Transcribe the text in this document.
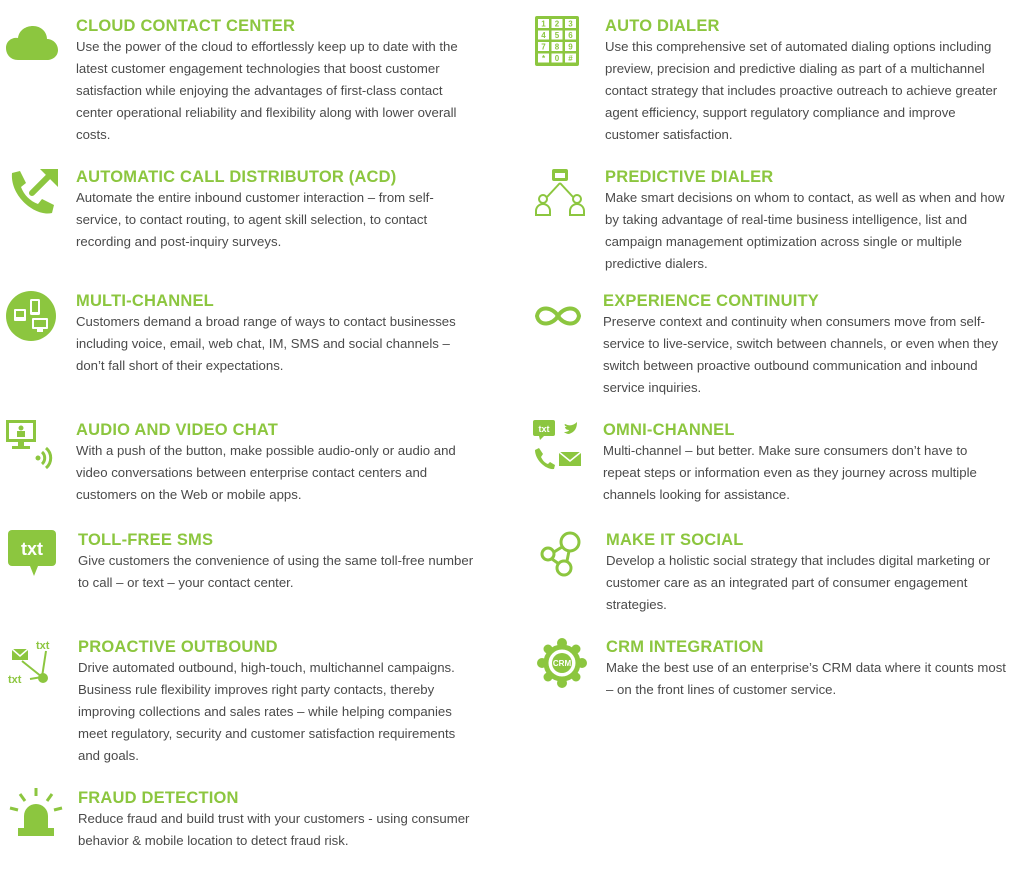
CLOUD CONTACT CENTER

Use the power of the cloud to effortlessly keep up to date with the latest customer engagement technologies that boost customer satisfaction while enjoying the advantages of first-class contact center operational reliability and flexibility along with lower overall costs.

AUTOMATIC CALL DISTRIBUTOR (ACD)

Automate the entire inbound customer interaction – from self-service, to contact routing, to agent skill selection, to contact recording and post-inquiry surveys.

MULTI-CHANNEL

Customers demand a broad range of ways to contact businesses including voice, email, web chat, IM, SMS and social channels – don’t fall short of their expectations.

AUDIO AND VIDEO CHAT

With a push of the button, make possible audio-only or audio and video conversations between enterprise contact centers and customers on the Web or mobile apps.

txt TOLL-FREE SMS

Give customers the convenience of using the same toll-free number to call – or text – your contact center.

txt
txt
PROACTIVE OUTBOUND

Drive automated outbound, high-touch, multichannel campaigns. Business rule flexibility improves right party contacts, thereby improving collections and sales rates – while helping companies meet regulatory, security and customer satisfaction requirements and goals.

FRAUD DETECTION

Reduce fraud and build trust with your customers - using consumer behavior & mobile location to detect fraud risk.

1 2 3
4 5 6
7 8 9
* 0 #
AUTO DIALER

Use this comprehensive set of automated dialing options including preview, precision and predictive dialing as part of a multichannel contact strategy that includes proactive outreach to achieve greater agent efficiency, support regulatory compliance and improve customer satisfaction.

PREDICTIVE DIALER

Make smart decisions on whom to contact, as well as when and how by taking advantage of real-time business intelligence, list and campaign management optimization across single or multiple predictive dialers.

EXPERIENCE CONTINUITY

Preserve context and continuity when consumers move from self-service to live-service, switch between channels, or even when they switch between proactive outbound communication and inbound service inquiries.

txt	OMNI-CHANNEL

Multi-channel – but better. Make sure consumers don’t have to repeat steps or information even as they journey across multiple channels looking for assistance.

MAKE IT SOCIAL

Develop a holistic social strategy that includes digital marketing or customer care as an integrated part of consumer engagement strategies.

CRM
CRM INTEGRATION

Make the best use of an enterprise’s CRM data where it counts most – on the front lines of customer service.
